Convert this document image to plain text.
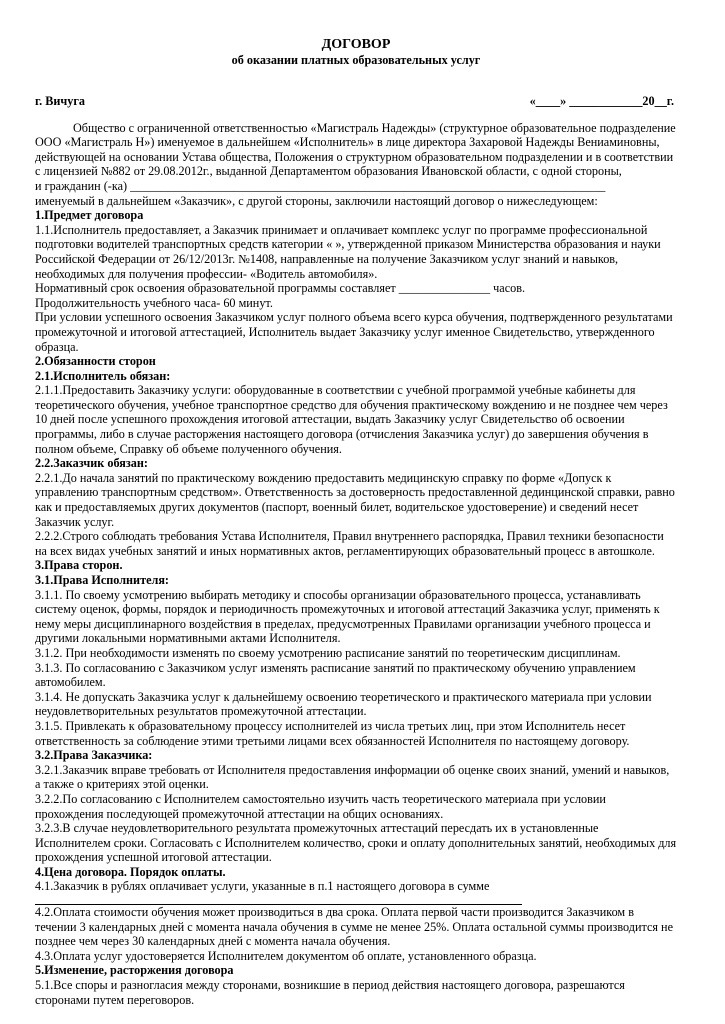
ДОГОВОР
об оказании платных образовательных услуг
г. Вичуга	«____» ____________20__г.

Общество с ограниченной ответственностью «Магистраль Надежды» (структурное образовательное подразделение ООО «Магистраль Н») именуемое в дальнейшем «Исполнитель» в лице директора Захаровой Надежды Вениаминовны, действующей на основании Устава общества, Положения о структурном образовательном подразделении и в соответствии с лицензией №882 от 29.08.2012г., выданной Департаментом образования Ивановской области, с одной стороны,

и гражданин (-ка) ______________________________________________________________________________

именуемый в дальнейшем «Заказчик», с другой стороны, заключили настоящий договор о нижеследующем:

1.Предмет договора

1.1.Исполнитель предоставляет, а Заказчик принимает и оплачивает комплекс услуг по программе профессиональной подготовки водителей транспортных средств категории « », утвержденной приказом Министерства образования и науки Российской Федерации от 26/12/2013г. №1408, направленные на получение Заказчиком услуг знаний и навыков, необходимых для получения профессии- «Водитель автомобиля».

Нормативный срок освоения образовательной программы составляет _______________ часов.

Продолжительность учебного часа- 60 минут.

При условии успешного освоения Заказчиком услуг полного объема всего курса обучения, подтвержденного результатами промежуточной и итоговой аттестацией, Исполнитель выдает Заказчику услуг именное Свидетельство, утвержденного образца.

2.Обязанности сторон

2.1.Исполнитель обязан:

2.1.1.Предоставить Заказчику услуги: оборудованные в соответствии с учебной программой учебные кабинеты для теоретического обучения, учебное транспортное средство для обучения практическому вождению и не позднее чем через 10 дней после успешного прохождения итоговой аттестации, выдать Заказчику услуг Свидетельство об освоении программы, либо в случае расторжения настоящего договора (отчисления Заказчика услуг) до завершения обучения в полном объеме, Справку об объеме полученного обучения.

2.2.Заказчик обязан:

2.2.1.До начала занятий по практическому вождению предоставить медицинскую справку по форме «Допуск к управлению транспортным средством». Ответственность за достоверность предоставленной дединцинской справки, равно как и предоставляемых других документов (паспорт, военный билет, водительское удостоверение) и сведений несет Заказчик услуг.

2.2.2.Строго соблюдать требования Устава Исполнителя, Правил внутреннего распорядка, Правил техники безопасности на всех видах учебных занятий и иных нормативных актов, регламентирующих образовательный процесс в автошколе.

3.Права сторон.

3.1.Права Исполнителя:

3.1.1. По своему усмотрению выбирать методику и способы организации образовательного процесса, устанавливать систему оценок, формы, порядок и периодичность промежуточных и итоговой аттестаций Заказчика услуг, применять к нему меры дисциплинарного воздействия в пределах, предусмотренных Правилами организации учебного процесса и другими локальными нормативными актами Исполнителя.

3.1.2. При необходимости изменять по своему усмотрению расписание занятий по теоретическим дисциплинам.

3.1.3. По согласованию с Заказчиком услуг изменять расписание занятий по практическому обучению управлением автомобилем.

3.1.4. Не допускать Заказчика услуг к дальнейшему освоению теоретического и практического материала при условии неудовлетворительных результатов промежуточной аттестации.

3.1.5. Привлекать к образовательному процессу исполнителей из числа третьих лиц, при этом Исполнитель несет ответственность за соблюдение этими третьими лицами всех обязанностей Исполнителя по настоящему договору.

3.2.Права Заказчика:

3.2.1.Заказчик вправе требовать от Исполнителя предоставления информации об оценке своих знаний, умений и навыков, а также о критериях этой оценки.

3.2.2.По согласованию с Исполнителем самостоятельно изучить часть теоретического материала при условии прохождения последующей промежуточной аттестации на общих основаниях.

3.2.3.В случае неудовлетворительного результата промежуточных аттестаций пересдать их в установленные Исполнителем сроки. Согласовать с Исполнителем количество, сроки и оплату дополнительных занятий, необходимых для прохождения успешной итоговой аттестации.

4.Цена договора. Порядок оплаты.

4.1.Заказчик в рублях оплачивает услуги, указанные в п.1 настоящего договора в сумме

4.2.Оплата стоимости обучения может производиться в два срока. Оплата первой части производится Заказчиком в течении 3 календарных дней с момента начала обучения в сумме не менее 25%. Оплата остальной суммы производится не позднее чем через 30 календарных дней с момента начала обучения.

4.3.Оплата услуг удостоверяется Исполнителем документом об оплате, установленного образца.

5.Изменение, расторжения договора

5.1.Все споры и разногласия между сторонами, возникшие в период действия настоящего договора, разрешаются сторонами путем переговоров.
